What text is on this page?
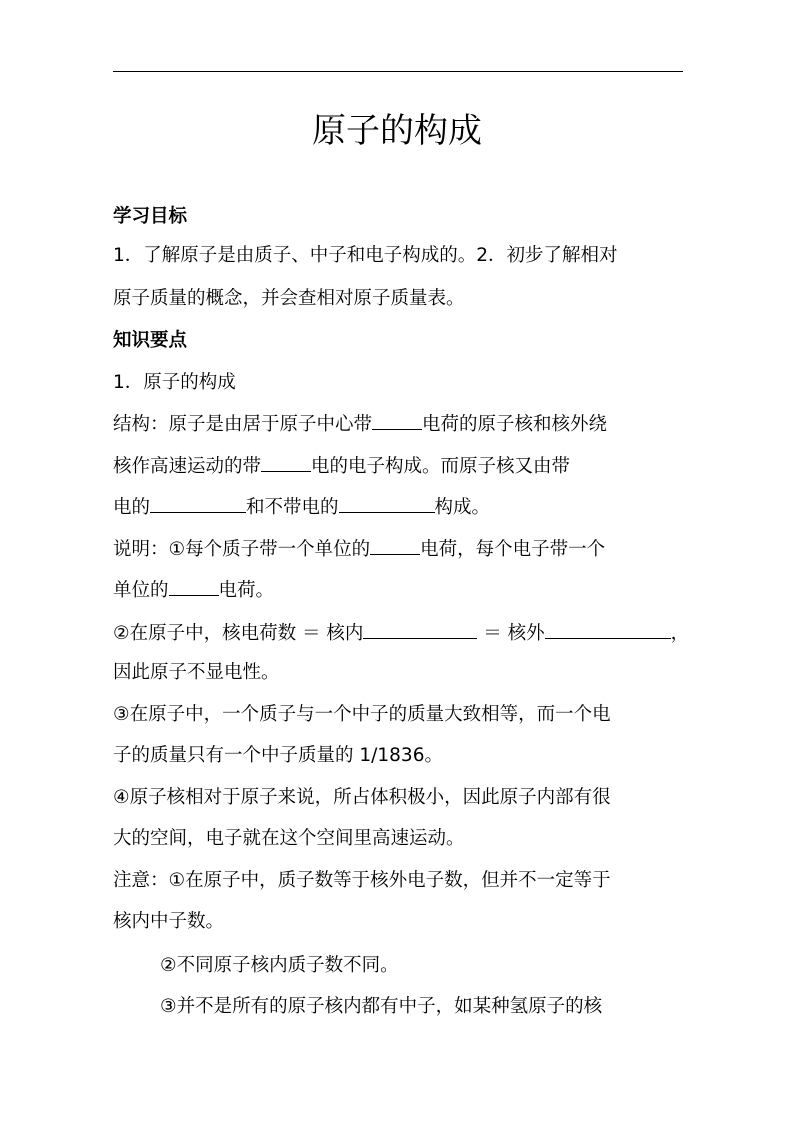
原子的构成
学习目标
1．了解原子是由质子、中子和电子构成的。2．初步了解相对
原子质量的概念，并会查相对原子质量表。
知识要点
1．原子的构成
结构：原子是由居于原子中心带	电荷的原子核和核外绕
核作高速运动的带	电的电子构成。而原子核又由带
电的	和不带电的	构成。
说明：①每个质子带一个单位的	电荷，每个电子带一个
单位的	电荷。
②在原子中，核电荷数 ＝ 核内	＝ 核外	，
因此原子不显电性。
③在原子中，一个质子与一个中子的质量大致相等，而一个电
子的质量只有一个中子质量的 1/1836。
④原子核相对于原子来说，所占体积极小，因此原子内部有很
大的空间，电子就在这个空间里高速运动。
注意：①在原子中，质子数等于核外电子数，但并不一定等于
核内中子数。
②不同原子核内质子数不同。
③并不是所有的原子核内都有中子，如某种氢原子的核
